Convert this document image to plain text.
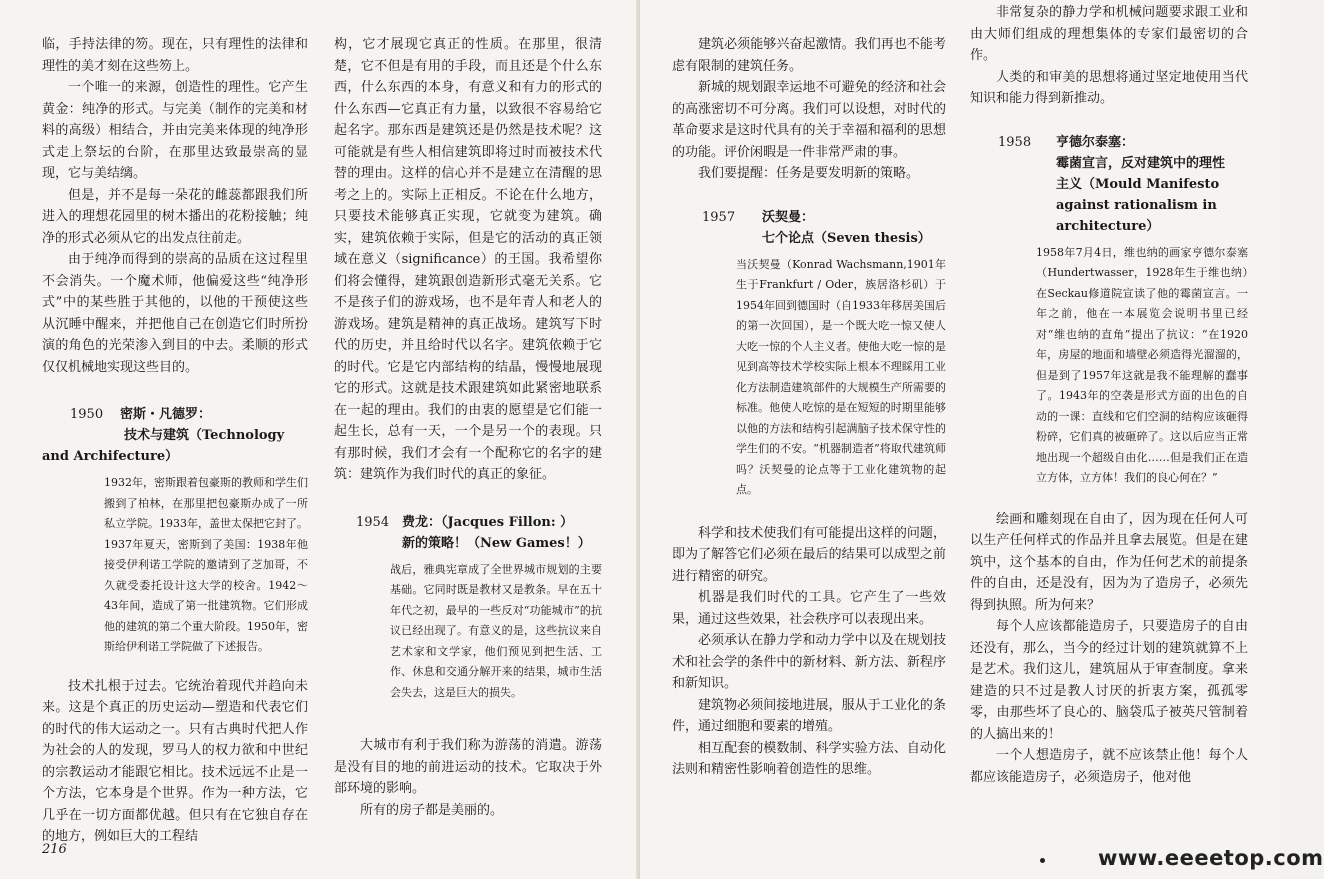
临，手持法律的笏。现在，只有理性的法律和理性的美才刻在这些笏上。

一个唯一的来源，创造性的理性。它产生黄金：纯净的形式。与完美（制作的完美和材料的高级）相结合，并由完美来体现的纯净形式走上祭坛的台阶，在那里达致最崇高的显现，它与美结缡。

但是，并不是每一朵花的雌蕊都跟我们所进入的理想花园里的树木播出的花粉接触；纯净的形式必须从它的出发点往前走。

由于纯净而得到的崇高的品质在这过程里不会消失。一个魔术师，他偏爱这些“纯净形式”中的某些胜于其他的，以他的干预使这些从沉睡中醒来，并把他自己在创造它们时所扮演的角色的光荣渗入到目的中去。柔顺的形式仅仅机械地实现这些目的。

1950 密斯・凡德罗：
技术与建筑（Technology
and Archifecture）

1932年，密斯跟着包豪斯的教师和学生们搬到了柏林，在那里把包豪斯办成了一所私立学院。1933年，盖世太保把它封了。1937年夏天，密斯到了美国：1938年他接受伊利诺工学院的邀请到了芝加哥，不久就受委托设计这大学的校舍。1942～43年间，造成了第一批建筑物。它们形成他的建筑的第二个重大阶段。1950年，密斯给伊利诺工学院做了下述报告。

技术扎根于过去。它统治着现代并趋向未来。这是个真正的历史运动—塑造和代表它们的时代的伟大运动之一。只有古典时代把人作为社会的人的发现，罗马人的权力欲和中世纪的宗教运动才能跟它相比。技术远远不止是一个方法，它本身是个世界。作为一种方法，它几乎在一切方面都优越。但只有在它独自存在的地方，例如巨大的工程结

构，它才展现它真正的性质。在那里，很清楚，它不但是有用的手段，而且还是个什么东西，什么东西的本身，有意义和有力的形式的什么东西—它真正有力量，以致很不容易给它起名字。那东西是建筑还是仍然是技术呢？这可能就是有些人相信建筑即将过时而被技术代替的理由。这样的信心并不是建立在清醒的思考之上的。实际上正相反。不论在什么地方，只要技术能够真正实现，它就变为建筑。确实，建筑依赖于实际，但是它的活动的真正领域在意义（significance）的王国。我希望你们将会懂得，建筑跟创造新形式毫无关系。它不是孩子们的游戏场，也不是年青人和老人的游戏场。建筑是精神的真正战场。建筑写下时代的历史，并且给时代以名字。建筑依赖于它的时代。它是它内部结构的结晶，慢慢地展现它的形式。这就是技术跟建筑如此紧密地联系在一起的理由。我们的由衷的愿望是它们能一起生长，总有一天，一个是另一个的表现。只有那时候，我们才会有一个配称它的名字的建筑：建筑作为我们时代的真正的象征。

1954 费龙：（Jacques Fillon: ）
新的策略！（New Games！）

战后，雅典宪章成了全世界城市规划的主要基础。它同时既是教材又是教条。早在五十年代之初，最早的一些反对“功能城市”的抗议已经出现了。有意义的是，这些抗议来自艺术家和文学家，他们预见到把生活、工作、休息和交通分解开来的结果，城市生活会失去，这是巨大的损失。

大城市有利于我们称为游荡的消遣。游荡是没有目的地的前进运动的技术。它取决于外部环境的影响。

所有的房子都是美丽的。

216

建筑必须能够兴奋起激情。我们再也不能考虑有限制的建筑任务。

新城的规划跟幸运地不可避免的经济和社会的高涨密切不可分离。我们可以设想，对时代的革命要求是这时代具有的关于幸福和福利的思想的功能。评价闲暇是一件非常严肃的事。

我们要提醒：任务是要发明新的策略。

1957 沃契曼：
七个论点（Seven thesis）

当沃契曼（Konrad Wachsmann,1901年生于Frankfurt / Oder，族居洛杉矶）于1954年回到德国时（自1933年移居美国后的第一次回国），是一个既大吃一惊又使人大吃一惊的个人主义者。使他大吃一惊的是见到高等技术学校实际上根本不理睬用工业化方法制造建筑部件的大规模生产所需要的标准。他使人吃惊的是在短短的时期里能够以他的方法和结构引起满脑子技术保守性的学生们的不安。“机器制造者”将取代建筑师吗？沃契曼的论点等于工业化建筑物的起点。

科学和技术使我们有可能提出这样的问题，即为了解答它们必须在最后的结果可以成型之前进行精密的研究。

机器是我们时代的工具。它产生了一些效果，通过这些效果，社会秩序可以表现出来。

必须承认在静力学和动力学中以及在规划技术和社会学的条件中的新材料、新方法、新程序和新知识。

建筑物必须间接地进展，服从于工业化的条件，通过细胞和要素的增殖。

相互配套的模数制、科学实验方法、自动化法则和精密性影响着创造性的思维。

非常复杂的静力学和机械问题要求跟工业和由大师们组成的理想集体的专家们最密切的合作。

人类的和审美的思想将通过坚定地使用当代知识和能力得到新推动。

1958 亨德尔泰塞：
霉菌宣言，反对建筑中的理性
主义（Mould Manifesto
against rationalism in
architecture）

1958年7月4日，维也纳的画家亨德尔泰塞（Hundertwasser，1928年生于维也纳）在Seckau修道院宣读了他的霉菌宣言。一年之前，他在一本展览会说明书里已经对“维也纳的直角”提出了抗议：“在1920年，房屋的地面和墙壁必须造得光溜溜的，但是到了1957年这就是我不能理解的蠢事了。1943年的空袭是形式方面的出色的自动的一课：直线和它们空洞的结构应该砸得粉碎，它们真的被砸碎了。这以后应当正常地出现一个超级自由化……但是我们正在造立方体，立方体！我们的良心何在？”

绘画和雕刻现在自由了，因为现在任何人可以生产任何样式的作品并且拿去展览。但是在建筑中，这个基本的自由，作为任何艺术的前提条件的自由，还是没有，因为为了造房子，必须先得到执照。所为何来？

每个人应该都能造房子，只要造房子的自由还没有，那么，当今的经过计划的建筑就算不上是艺术。我们这儿，建筑屈从于审查制度。拿来建造的只不过是教人讨厌的折衷方案，孤孤零零，由那些坏了良心的、脑袋瓜子被英尺管制着的人搞出来的！

一个人想造房子，就不应该禁止他！每个人都应该能造房子，必须造房子，他对他

www.eeeetop.com
